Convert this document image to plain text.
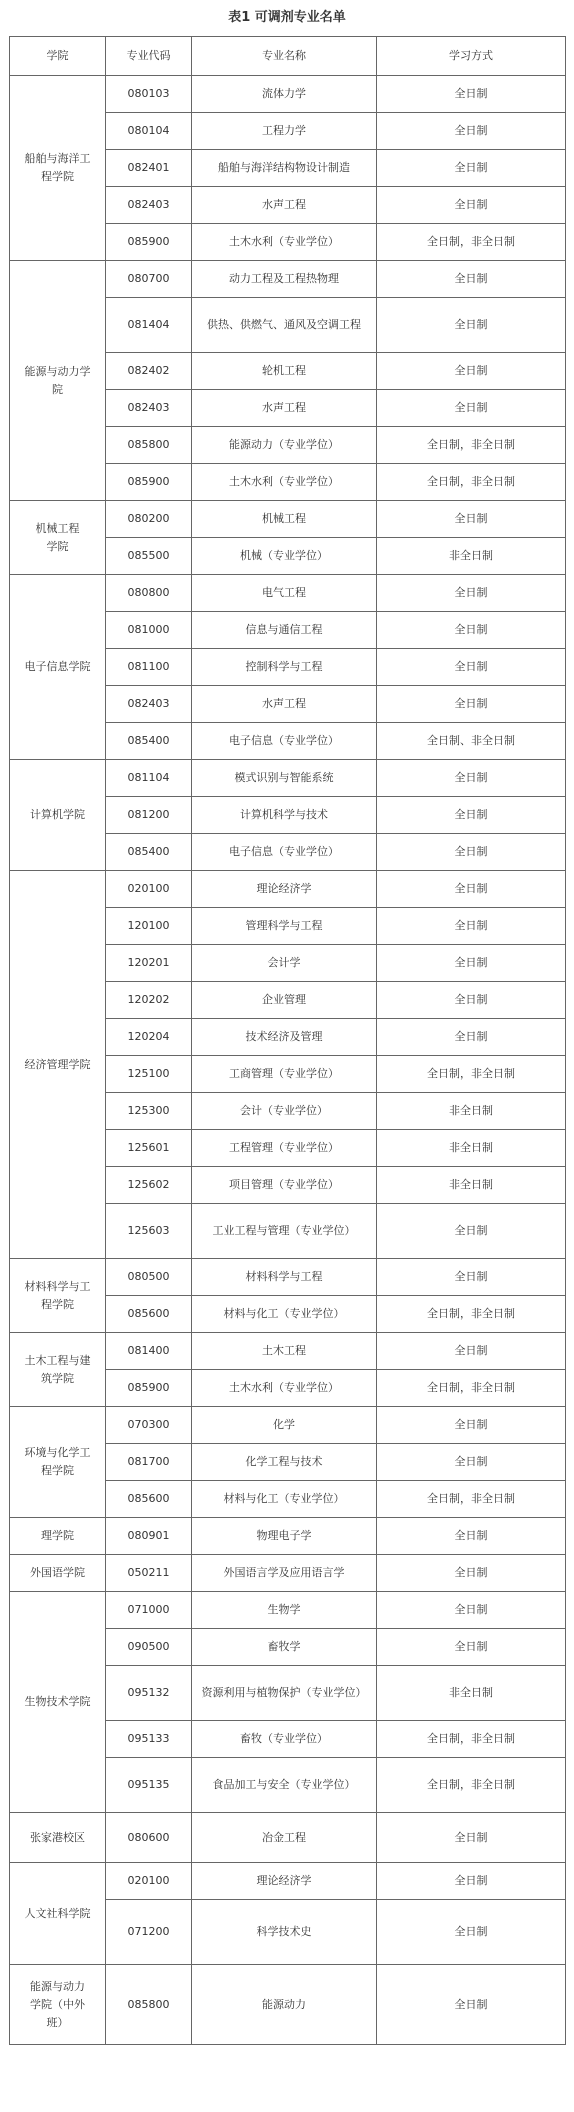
表1 可调剂专业名单
学院	专业代码	专业名称	学习方式
船舶与海洋工程学院	080103	流体力学	全日制
	080104	工程力学	全日制
	082401	船舶与海洋结构物设计制造	全日制
	082403	水声工程	全日制
	085900	土木水利（专业学位）	全日制，非全日制
能源与动力学院	080700	动力工程及工程热物理	全日制
	081404	供热、供燃气、通风及空调工程	全日制
	082402	轮机工程	全日制
	082403	水声工程	全日制
	085800	能源动力（专业学位）	全日制，非全日制
	085900	土木水利（专业学位）	全日制，非全日制
机械工程学院	080200	机械工程	全日制
	085500	机械（专业学位）	非全日制
电子信息学院	080800	电气工程	全日制
	081000	信息与通信工程	全日制
	081100	控制科学与工程	全日制
	082403	水声工程	全日制
	085400	电子信息（专业学位）	全日制、非全日制
计算机学院	081104	模式识别与智能系统	全日制
	081200	计算机科学与技术	全日制
	085400	电子信息（专业学位）	全日制
经济管理学院	020100	理论经济学	全日制
	120100	管理科学与工程	全日制
	120201	会计学	全日制
	120202	企业管理	全日制
	120204	技术经济及管理	全日制
	125100	工商管理（专业学位）	全日制，非全日制
	125300	会计（专业学位）	非全日制
	125601	工程管理（专业学位）	非全日制
	125602	项目管理（专业学位）	非全日制
	125603	工业工程与管理（专业学位）	全日制
材料科学与工程学院	080500	材料科学与工程	全日制
	085600	材料与化工（专业学位）	全日制，非全日制
土木工程与建筑学院	081400	土木工程	全日制
	085900	土木水利（专业学位）	全日制，非全日制
环境与化学工程学院	070300	化学	全日制
	081700	化学工程与技术	全日制
	085600	材料与化工（专业学位）	全日制，非全日制
理学院	080901	物理电子学	全日制
外国语学院	050211	外国语言学及应用语言学	全日制
生物技术学院	071000	生物学	全日制
	090500	畜牧学	全日制
	095132	资源利用与植物保护（专业学位）	非全日制
	095133	畜牧（专业学位）	全日制，非全日制
	095135	食品加工与安全（专业学位）	全日制，非全日制
张家港校区	080600	冶金工程	全日制
人文社科学院	020100	理论经济学	全日制
	071200	科学技术史	全日制
能源与动力学院（中外班）	085800	能源动力	全日制
